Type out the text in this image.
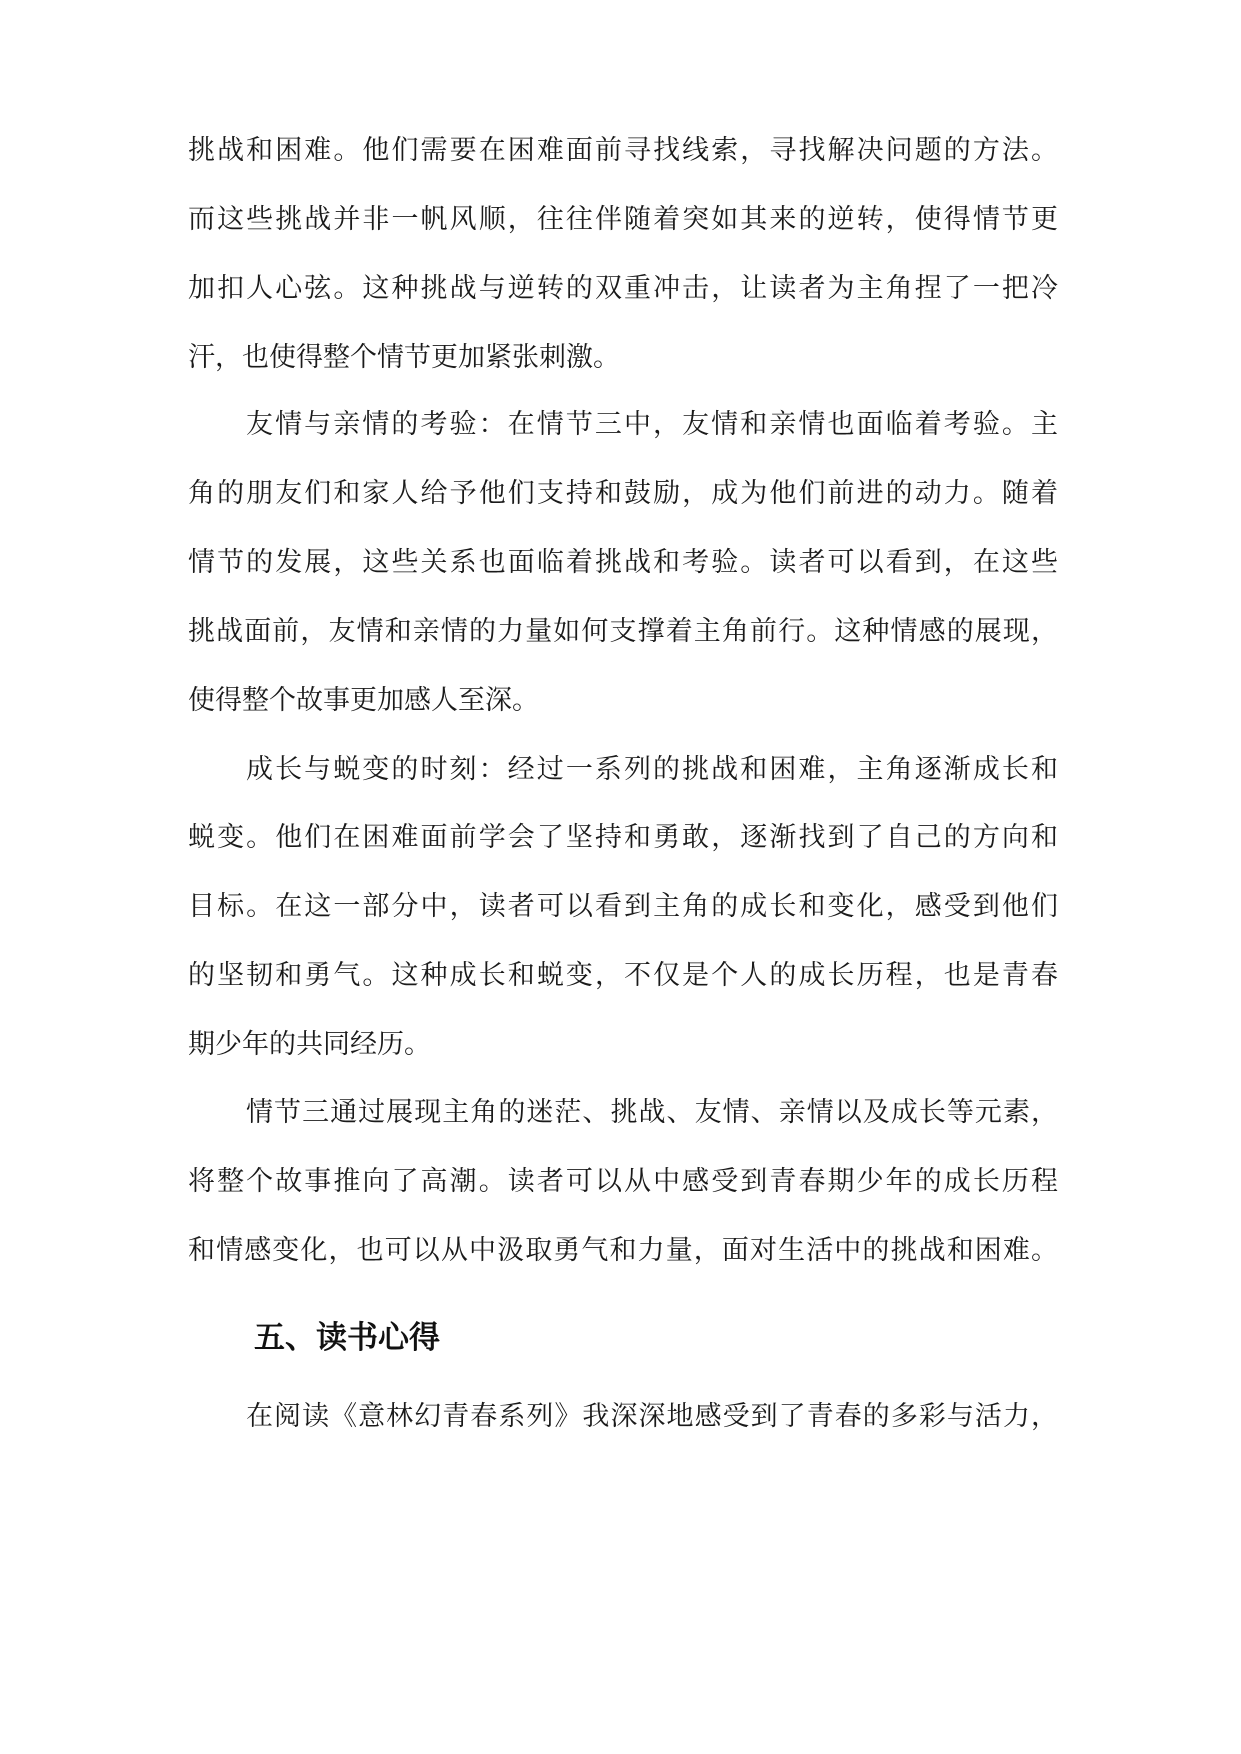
挑战和困难。他们需要在困难面前寻找线索，寻找解决问题的方法。
而这些挑战并非一帆风顺，往往伴随着突如其来的逆转，使得情节更
加扣人心弦。这种挑战与逆转的双重冲击，让读者为主角捏了一把冷
汗，也使得整个情节更加紧张刺激。
友情与亲情的考验：在情节三中，友情和亲情也面临着考验。主
角的朋友们和家人给予他们支持和鼓励，成为他们前进的动力。随着
情节的发展，这些关系也面临着挑战和考验。读者可以看到，在这些
挑战面前，友情和亲情的力量如何支撑着主角前行。这种情感的展现，
使得整个故事更加感人至深。
成长与蜕变的时刻：经过一系列的挑战和困难，主角逐渐成长和
蜕变。他们在困难面前学会了坚持和勇敢，逐渐找到了自己的方向和
目标。在这一部分中，读者可以看到主角的成长和变化，感受到他们
的坚韧和勇气。这种成长和蜕变，不仅是个人的成长历程，也是青春
期少年的共同经历。
情节三通过展现主角的迷茫、挑战、友情、亲情以及成长等元素，
将整个故事推向了高潮。读者可以从中感受到青春期少年的成长历程
和情感变化，也可以从中汲取勇气和力量，面对生活中的挑战和困难。
五、读书心得
在阅读《意林幻青春系列》我深深地感受到了青春的多彩与活力，
